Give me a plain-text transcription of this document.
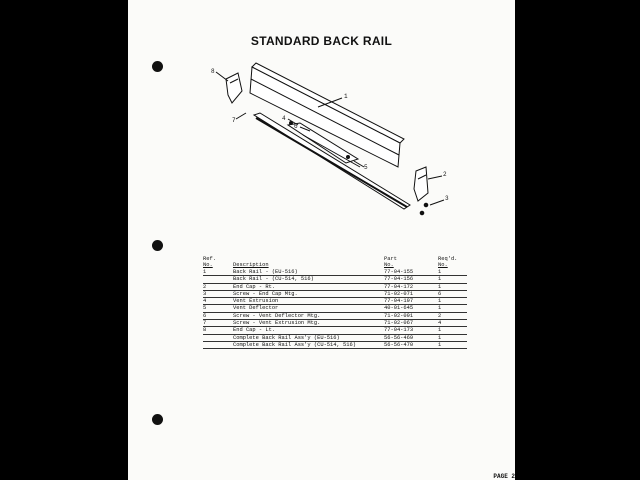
STANDARD BACK RAIL
8
1
7	4
6
5
2
3
Ref.	Part	Req'd.
No.	Description	No.	No.
1	Back Rail - (EU-516)	77-04-155	1
Back Rail - (CU-514, 516)	77-04-156	1
2	End Cap - Rt.	77-04-172	1
3	Screw - End Cap Mtg.	71-02-071	6
4	Vent Extrusion	77-04-197	1
5	Vent Deflector	40-01-645	1
6	Screw - Vent Deflector Mtg.	71-02-091	2
7	Screw - Vent Extrusion Mtg.	71-02-067	4
8	End Cap - Lt.	77-04-173	1
Complete Back Rail Ass'y (EU-516)	56-56-469	1
Complete Back Rail Ass'y (CU-514, 516)	56-56-470	1
PAGE 2
